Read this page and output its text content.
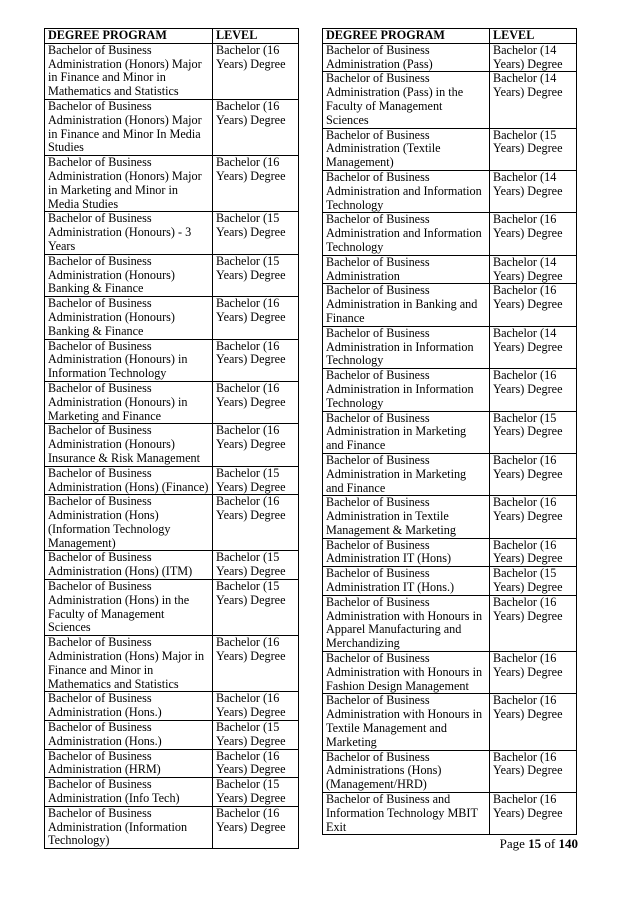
DEGREE PROGRAM	LEVEL
Bachelor of Business Administration (Honors) Major in Finance and Minor in Mathematics and Statistics	Bachelor (16 Years) Degree
Bachelor of Business Administration (Honors) Major in Finance and Minor In Media Studies	Bachelor (16 Years) Degree
Bachelor of Business Administration (Honors) Major in Marketing and Minor in Media Studies	Bachelor (16 Years) Degree
Bachelor of Business Administration (Honours) - 3 Years	Bachelor (15 Years) Degree
Bachelor of Business Administration (Honours) Banking & Finance	Bachelor (15 Years) Degree
Bachelor of Business Administration (Honours) Banking & Finance	Bachelor (16 Years) Degree
Bachelor of Business Administration (Honours) in Information Technology	Bachelor (16 Years) Degree
Bachelor of Business Administration (Honours) in Marketing and Finance	Bachelor (16 Years) Degree
Bachelor of Business Administration (Honours) Insurance & Risk Management	Bachelor (16 Years) Degree
Bachelor of Business Administration (Hons) (Finance)	Bachelor (15 Years) Degree
Bachelor of Business Administration (Hons) (Information Technology Management)	Bachelor (16 Years) Degree
Bachelor of Business Administration (Hons) (ITM)	Bachelor (15 Years) Degree
Bachelor of Business Administration (Hons) in the Faculty of Management Sciences	Bachelor (15 Years) Degree
Bachelor of Business Administration (Hons) Major in Finance and Minor in Mathematics and Statistics	Bachelor (16 Years) Degree
Bachelor of Business Administration (Hons.)	Bachelor (16 Years) Degree
Bachelor of Business Administration (Hons.)	Bachelor (15 Years) Degree
Bachelor of Business Administration (HRM)	Bachelor (16 Years) Degree
Bachelor of Business Administration (Info Tech)	Bachelor (15 Years) Degree
Bachelor of Business Administration (Information Technology)	Bachelor (16 Years) Degree
DEGREE PROGRAM	LEVEL
Bachelor of Business Administration (Pass)	Bachelor (14 Years) Degree
Bachelor of Business Administration (Pass) in the Faculty of Management Sciences	Bachelor (14 Years) Degree
Bachelor of Business Administration (Textile Management)	Bachelor (15 Years) Degree
Bachelor of Business Administration and Information Technology	Bachelor (14 Years) Degree
Bachelor of Business Administration and Information Technology	Bachelor (16 Years) Degree
Bachelor of Business Administration	Bachelor (14 Years) Degree
Bachelor of Business Administration in Banking and Finance	Bachelor (16 Years) Degree
Bachelor of Business Administration in Information Technology	Bachelor (14 Years) Degree
Bachelor of Business Administration in Information Technology	Bachelor (16 Years) Degree
Bachelor of Business Administration in Marketing and Finance	Bachelor (15 Years) Degree
Bachelor of Business Administration in Marketing and Finance	Bachelor (16 Years) Degree
Bachelor of Business Administration in Textile Management & Marketing	Bachelor (16 Years) Degree
Bachelor of Business Administration IT (Hons)	Bachelor (16 Years) Degree
Bachelor of Business Administration IT (Hons.)	Bachelor (15 Years) Degree
Bachelor of Business Administration with Honours in Apparel Manufacturing and Merchandizing	Bachelor (16 Years) Degree
Bachelor of Business Administration with Honours in Fashion Design Management	Bachelor (16 Years) Degree
Bachelor of Business Administration with Honours in Textile Management and Marketing	Bachelor (16 Years) Degree
Bachelor of Business Administrations (Hons) (Management/HRD)	Bachelor (16 Years) Degree
Bachelor of Business and Information Technology MBIT Exit	Bachelor (16 Years) Degree
Page 15 of 140
